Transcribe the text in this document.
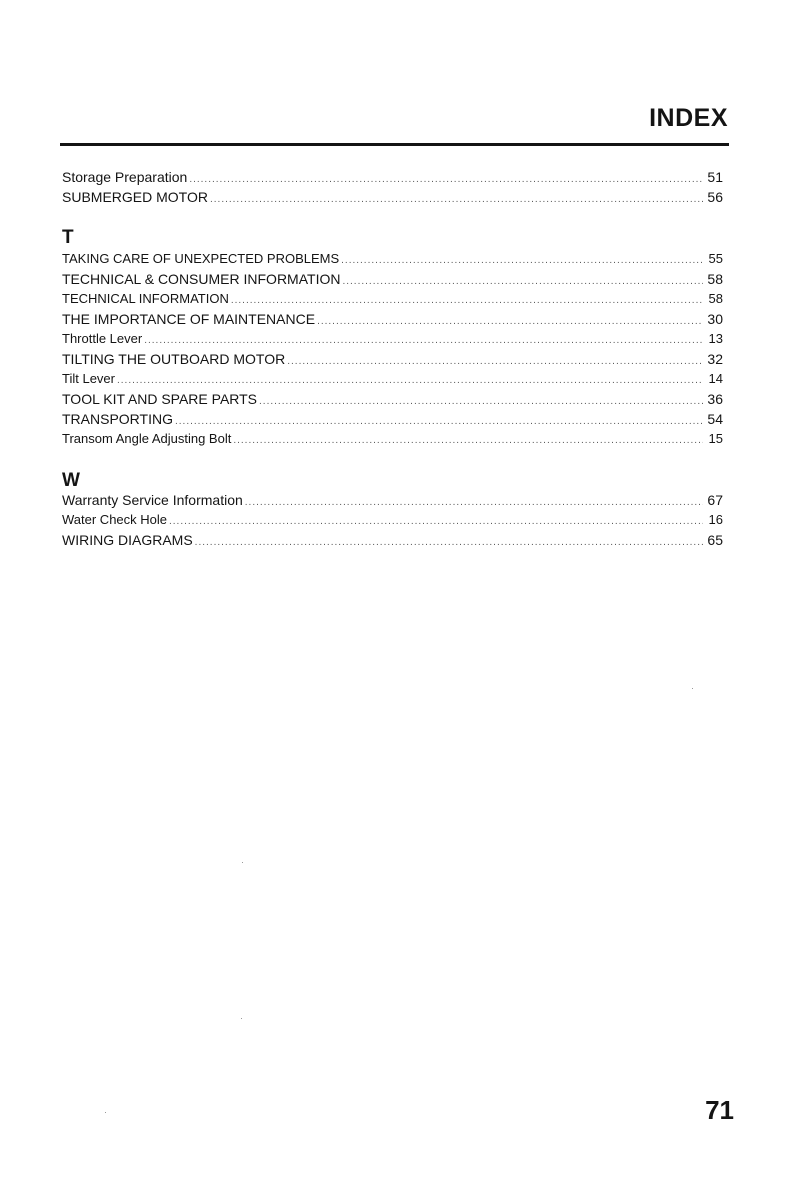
INDEX
Storage Preparation .....	51
SUBMERGED MOTOR .....	56
T
TAKING CARE OF UNEXPECTED PROBLEMS .....	55
TECHNICAL & CONSUMER INFORMATION .....	58
TECHNICAL INFORMATION .....	58
THE IMPORTANCE OF MAINTENANCE .....	30
Throttle Lever .....	13
TILTING THE OUTBOARD MOTOR .....	32
Tilt Lever .....	14
TOOL KIT AND SPARE PARTS .....	36
TRANSPORTING .....	54
Transom Angle Adjusting Bolt .....	15
W
Warranty Service Information .....	67
Water Check Hole .....	16
WIRING DIAGRAMS .....	65

71
